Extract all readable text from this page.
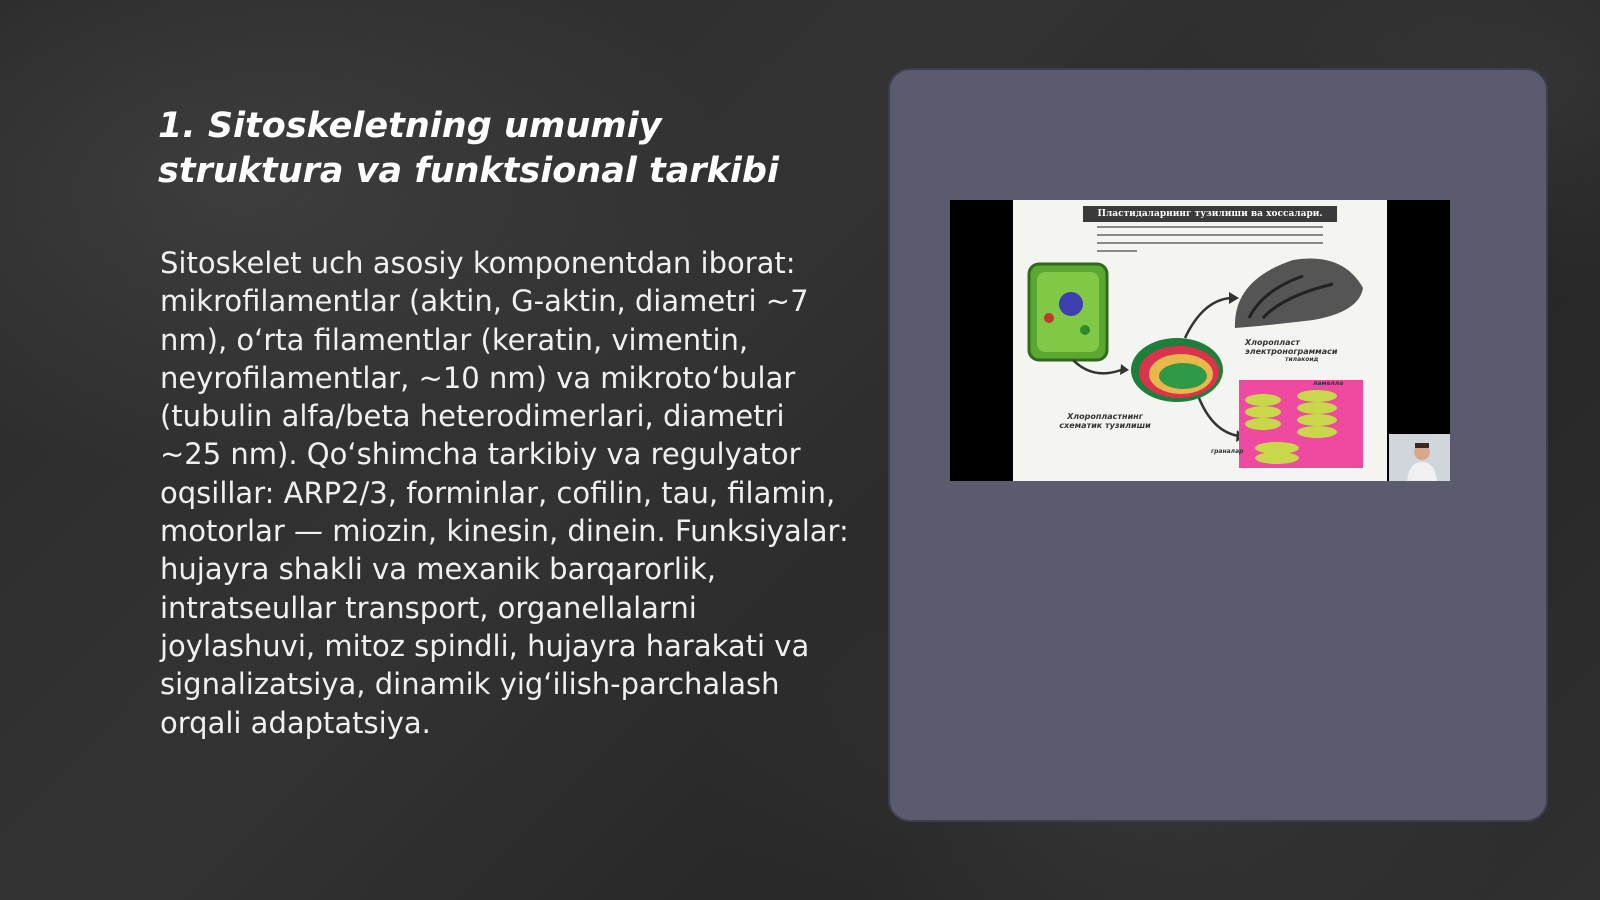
1. Sitoskeletning umumiy struktura va funktsional tarkibi

Sitoskelet uch asosiy komponentdan iborat: mikrofilamentlar (aktin, G-aktin, diametri ~7 nm), o‘rta filamentlar (keratin, vimentin, neyrofilamentlar, ~10 nm) va mikroto‘bular (tubulin alfa/beta heterodimerlari, diametri ~25 nm). Qo‘shimcha tarkibiy va regulyator oqsillar: ARP2/3, forminlar, cofilin, tau, filamin, motorlar — miozin, kinesin, dinein. Funksiyalar: hujayra shakli va mexanik barqarorlik, intratseullar transport, organellalarni joylashuvi, mitoz spindli, hujayra harakati va signalizatsiya, dinamik yig‘ilish-parchalash orqali adaptatsiya.

Пластидаларнинг тузилиши ва хоссалари.
Хлоропласт электронограммаси
Хлоропластнинг схематик тузилиши
тилакоид
ламелла
граналар
